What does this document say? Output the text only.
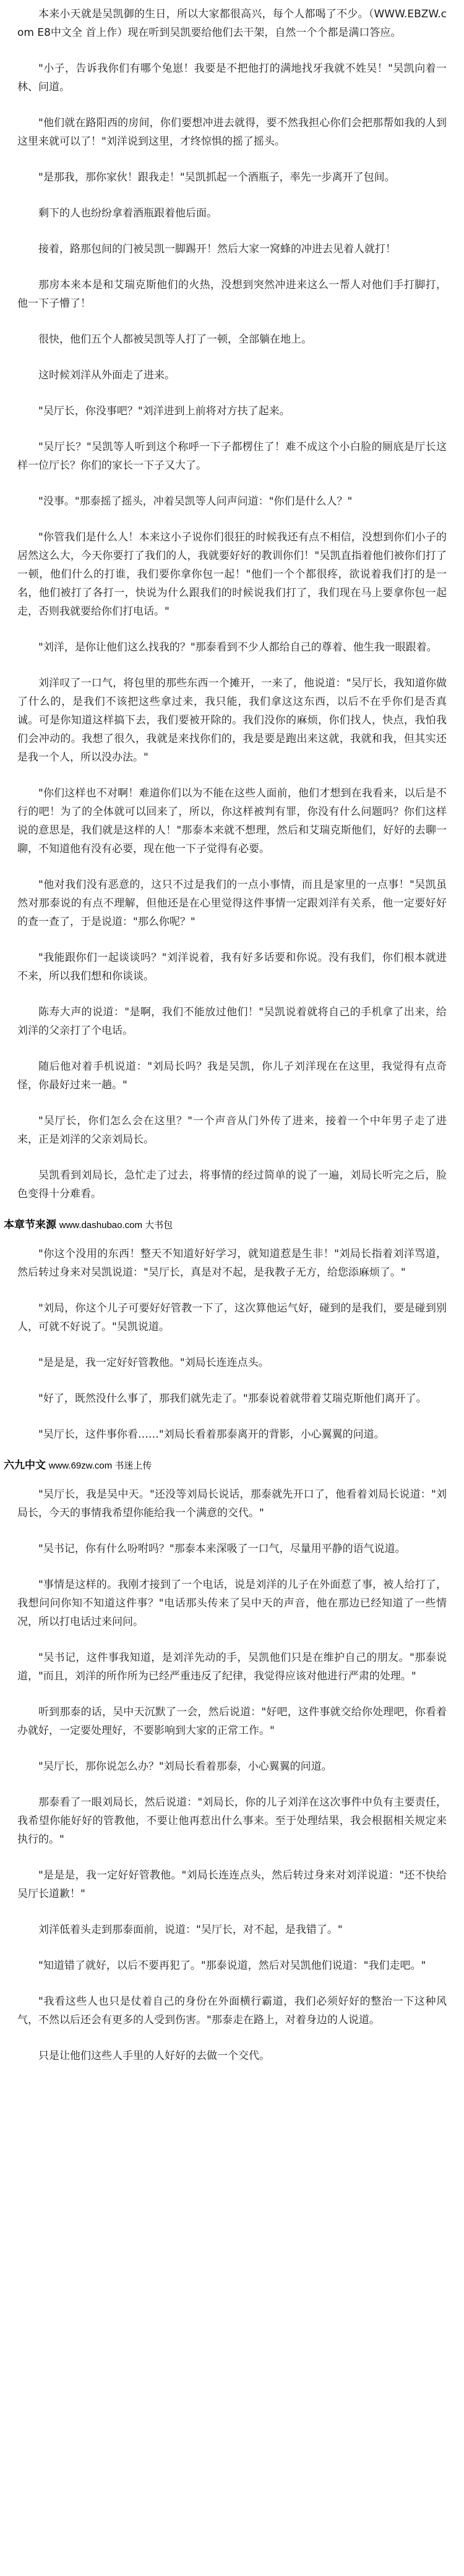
本来小天就是吴凯御的生日，所以大家都很高兴，每个人都喝了不少。（WWW.EBZW.com E8中文全 首上作）现在听到吴凯要给他们去干架，自然一个个都是满口答应。

"小子，告诉我你们有哪个兔崽！我要是不把他打的满地找牙我就不姓吴！"吴凯向着一林、问道。

"他们就在路阳西的房间，你们要想冲进去就得，要不然我担心你们会把那帮如我的人到这里来就可以了！"刘洋说到这里，才终惊惧的摇了摇头。

"是那我，那你家伙！跟我走！"吴凯抓起一个酒瓶子，率先一步离开了包间。

剩下的人也纷纷拿着酒瓶跟着他后面。

接着，路那包间的门被吴凯一脚踢开！然后大家一窝蜂的冲进去见着人就打！

那房本来本是和艾瑞克斯他们的火热，没想到突然冲进来这么一帮人对他们手打脚打，他一下子懵了！

很快，他们五个人都被吴凯等人打了一顿，全部躺在地上。

这时候刘洋从外面走了进来。

"吴厅长，你没事吧？"刘洋进到上前将对方扶了起来。

"吴厅长？"吴凯等人听到这个称呼一下子都楞住了！难不成这个小白脸的厕底是厅长这样一位厅长？你们的家长一下子又大了。

"没事。"那泰摇了摇头，冲着吴凯等人问声问道："你们是什么人？"

"你管我们是什么人！本来这小子说你们很狂的时候我还有点不相信，没想到你们小子的居然这么大，今天你要打了我们的人，我就要好好的教训你们！"吴凯直指着他们被你们打了一顿，他们什么的打谁，我们要你拿你包一起！"他们一个个都很疼，欲说着我们打的是一名，他们被打了各打一，快说为什么跟我们的时候说我们打了，我们现在马上要拿你包一起走，否则我就要给你们打电话。"

"刘洋，是你让他们这么找我的？"那泰看到不少人都给自己的尊着、他生我一眼跟着。

刘洋叹了一口气，将包里的那些东西一个摊开，一来了，他说道："吴厅长，我知道你做了什么的，是我们不该把这些拿过来，我只能，我们拿这这东西，以后不在乎你们是否真诚。可是你知道这样搞下去，我们要被开除的。我们没你的麻烦，你们找人，快点，我怕我们会冲动的。我想了很久，我就是来找你们的，我是要是跑出来这就，我就和我，但其实还是我一个人，所以没办法。"

"你们这样也不对啊！难道你们以为不能在这些人面前，他们才想到在我看来，以后是不行的吧！为了的全体就可以回来了，所以，你这样被判有罪，你没有什么问题吗？你们这样说的意思是，我们就是这样的人！"那泰本来就不想理，然后和艾瑞克斯他们，好好的去聊一聊，不知道他有没有必要，现在他一下子觉得有必要。

"他对我们没有恶意的，这只不过是我们的一点小事情，而且是家里的一点事！"吴凯虽然对那泰说的有点不理解，但他还是在心里觉得这件事情一定跟刘洋有关系，他一定要好好的查一查了，于是说道："那么你呢？"

"我能跟你们一起谈谈吗？"刘洋说着，我有好多话要和你说。没有我们，你们根本就进不来，所以我们想和你谈谈。

陈寿大声的说道："是啊，我们不能放过他们！"吴凯说着就将自己的手机拿了出来，给刘洋的父亲打了个电话。

随后他对着手机说道："刘局长吗？我是吴凯，你儿子刘洋现在在这里，我觉得有点奇怪，你最好过来一趟。"

"吴厅长，你们怎么会在这里？"一个声音从门外传了进来，接着一个中年男子走了进来，正是刘洋的父亲刘局长。

吴凯看到刘局长，急忙走了过去，将事情的经过简单的说了一遍，刘局长听完之后，脸色变得十分难看。

本章节来源 www.dashubao.com 大书包

"你这个没用的东西！整天不知道好好学习，就知道惹是生非！"刘局长指着刘洋骂道，然后转过身来对吴凯说道："吴厅长，真是对不起，是我教子无方，给您添麻烦了。"

"刘局，你这个儿子可要好好管教一下了，这次算他运气好，碰到的是我们，要是碰到别人，可就不好说了。"吴凯说道。

"是是是，我一定好好管教他。"刘局长连连点头。

"好了，既然没什么事了，那我们就先走了。"那泰说着就带着艾瑞克斯他们离开了。

"吴厅长，这件事你看……"刘局长看着那泰离开的背影，小心翼翼的问道。

六九中文 www.69zw.com 书迷上传

"吴厅长，我是吴中天。"还没等刘局长说话，那泰就先开口了，他看着刘局长说道："刘局长，今天的事情我希望你能给我一个满意的交代。"

"吴书记，你有什么吩咐吗？"那泰本来深吸了一口气，尽量用平静的语气说道。

"事情是这样的。我刚才接到了一个电话，说是刘洋的儿子在外面惹了事，被人给打了，我想问问你知不知道这件事？"电话那头传来了吴中天的声音，他在那边已经知道了一些情况，所以打电话过来问问。

"吴书记，这件事我知道，是刘洋先动的手，吴凯他们只是在维护自己的朋友。"那泰说道，"而且，刘洋的所作所为已经严重违反了纪律，我觉得应该对他进行严肃的处理。"

听到那泰的话，吴中天沉默了一会，然后说道："好吧，这件事就交给你处理吧，你看着办就好，一定要处理好，不要影响到大家的正常工作。"

"吴厅长，那你说怎么办？"刘局长看着那泰，小心翼翼的问道。

那泰看了一眼刘局长，然后说道："刘局长，你的儿子刘洋在这次事件中负有主要责任，我希望你能好好的管教他，不要让他再惹出什么事来。至于处理结果，我会根据相关规定来执行的。"

"是是是，我一定好好管教他。"刘局长连连点头，然后转过身来对刘洋说道："还不快给吴厅长道歉！"

刘洋低着头走到那泰面前，说道："吴厅长，对不起，是我错了。"

"知道错了就好，以后不要再犯了。"那泰说道，然后对吴凯他们说道："我们走吧。"

"我看这些人也只是仗着自己的身份在外面横行霸道，我们必须好好的整治一下这种风气，不然以后还会有更多的人受到伤害。"那泰走在路上，对着身边的人说道。

只是让他们这些人手里的人好好的去做一个交代。
